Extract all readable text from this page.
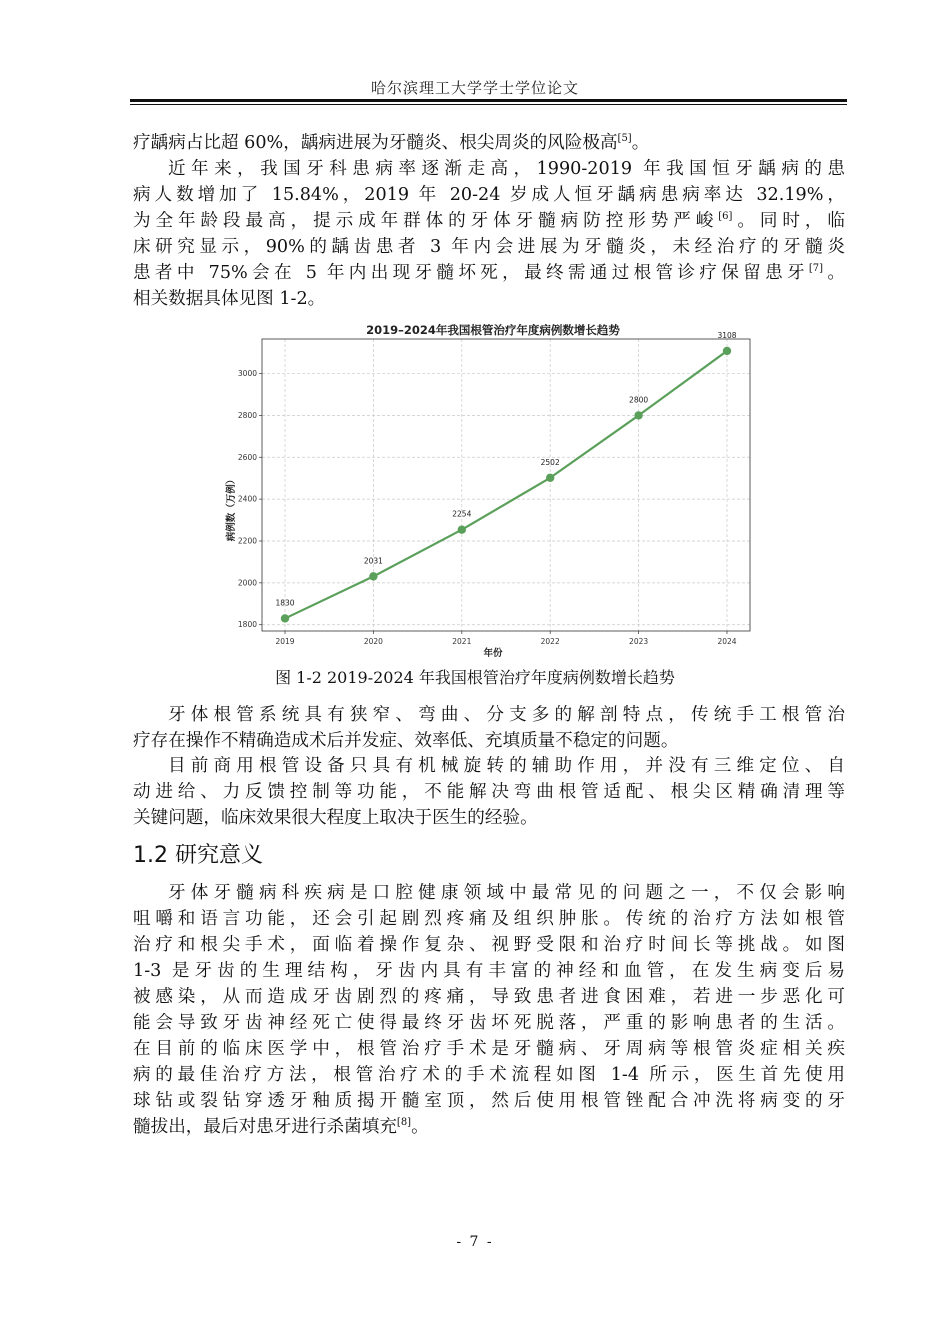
哈尔滨理工大学学士学位论文

疗龋病占比超 60%，龋病进展为牙髓炎、根尖周炎的风险极高[5]。

近年来，我国牙科患病率逐渐走高，1990-2019 年我国恒牙龋病的患
病人数增加了 15.84%，2019 年 20-24 岁成人恒牙龋病患病率达 32.19%，
为全年龄段最高，提示成年群体的牙体牙髓病防控形势严峻[6]。同时，临
床研究显示，90%的龋齿患者 3 年内会进展为牙髓炎，未经治疗的牙髓炎
患者中 75%会在 5 年内出现牙髓坏死，最终需通过根管诊疗保留患牙[7]。
相关数据具体见图 1-2。

2019–2024年我国根管治疗年度病例数增长趋势
1800
2000
2200
2400
2600
2800
3000
2019	2020	2021	2022	2023	2024
1830
2031
2254
2502
2800
3108
年份
病例数（万例）
图 1-2 2019-2024 年我国根管治疗年度病例数增长趋势

牙体根管系统具有狭窄、弯曲、分支多的解剖特点，传统手工根管治
疗存在操作不精确造成术后并发症、效率低、充填质量不稳定的问题。

目前商用根管设备只具有机械旋转的辅助作用，并没有三维定位、自
动进给、力反馈控制等功能，不能解决弯曲根管适配、根尖区精确清理等
关键问题，临床效果很大程度上取决于医生的经验。

1.2 研究意义

牙体牙髓病科疾病是口腔健康领域中最常见的问题之一，不仅会影响
咀嚼和语言功能，还会引起剧烈疼痛及组织肿胀。传统的治疗方法如根管
治疗和根尖手术，面临着操作复杂、视野受限和治疗时间长等挑战。如图
1-3 是牙齿的生理结构，牙齿内具有丰富的神经和血管，在发生病变后易
被感染，从而造成牙齿剧烈的疼痛，导致患者进食困难，若进一步恶化可
能会导致牙齿神经死亡使得最终牙齿坏死脱落，严重的影响患者的生活。
在目前的临床医学中，根管治疗手术是牙髓病、牙周病等根管炎症相关疾
病的最佳治疗方法，根管治疗术的手术流程如图 1-4 所示，医生首先使用
球钻或裂钻穿透牙釉质揭开髓室顶，然后使用根管锉配合冲洗将病变的牙
髓拔出，最后对患牙进行杀菌填充[8]。

- 7 -
